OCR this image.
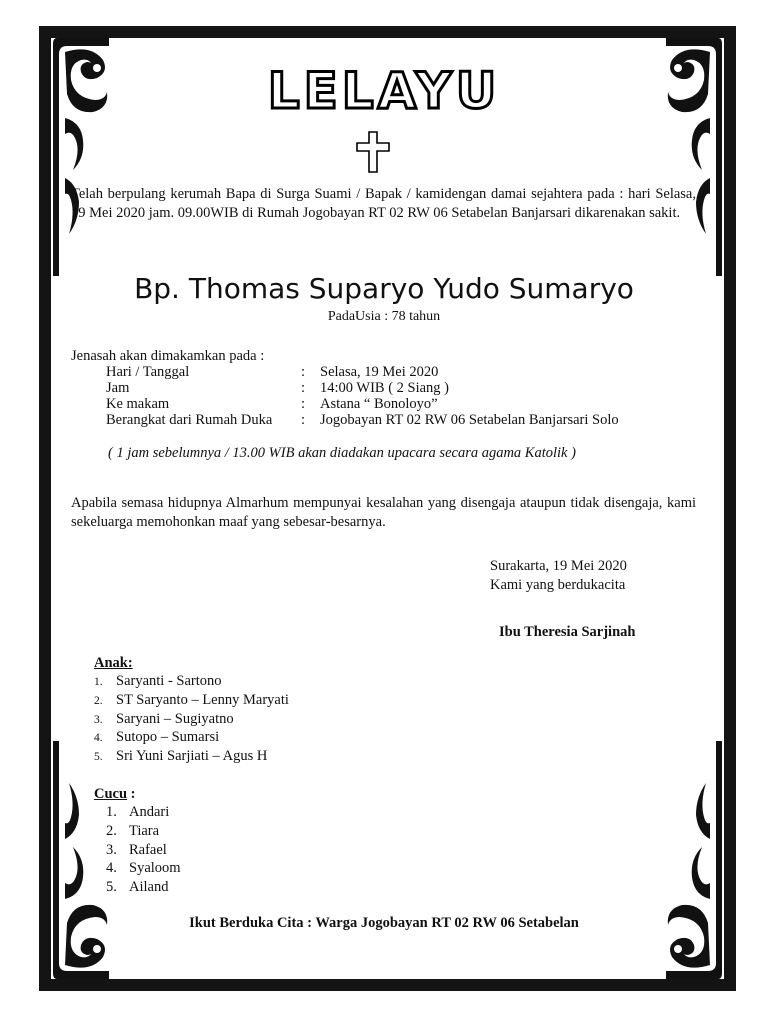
LELAYU
Telah berpulang kerumah Bapa di Surga Suami / Bapak / kamidengan damai sejahtera pada : hari Selasa, 19 Mei 2020 jam. 09.00WIB di Rumah Jogobayan RT 02 RW 06 Setabelan Banjarsari dikarenakan sakit.
Bp. Thomas Suparyo Yudo Sumaryo
PadaUsia : 78 tahun
Jenasah akan dimakamkan pada :
Hari / Tanggal	: Selasa, 19 Mei 2020
Jam	: 14:00 WIB ( 2 Siang )
Ke makam	: Astana “ Bonoloyo”
Berangkat dari Rumah Duka : Jogobayan RT 02 RW 06 Setabelan Banjarsari Solo
( 1 jam sebelumnya / 13.00 WIB akan diadakan upacara secara agama Katolik )
Apabila semasa hidupnya Almarhum mempunyai kesalahan yang disengaja ataupun tidak disengaja, kami sekeluarga memohonkan maaf yang sebesar-besarnya.
Surakarta, 19 Mei 2020
Kami yang berdukacita
Ibu Theresia Sarjinah
Anak:
1. Saryanti - Sartono
2. ST Saryanto – Lenny Maryati
3. Saryani – Sugiyatno
4. Sutopo – Sumarsi
5. Sri Yuni Sarjiati – Agus H
Cucu :
1. Andari
2. Tiara
3. Rafael
4. Syaloom
5. Ailand
Ikut Berduka Cita : Warga Jogobayan RT 02 RW 06 Setabelan
